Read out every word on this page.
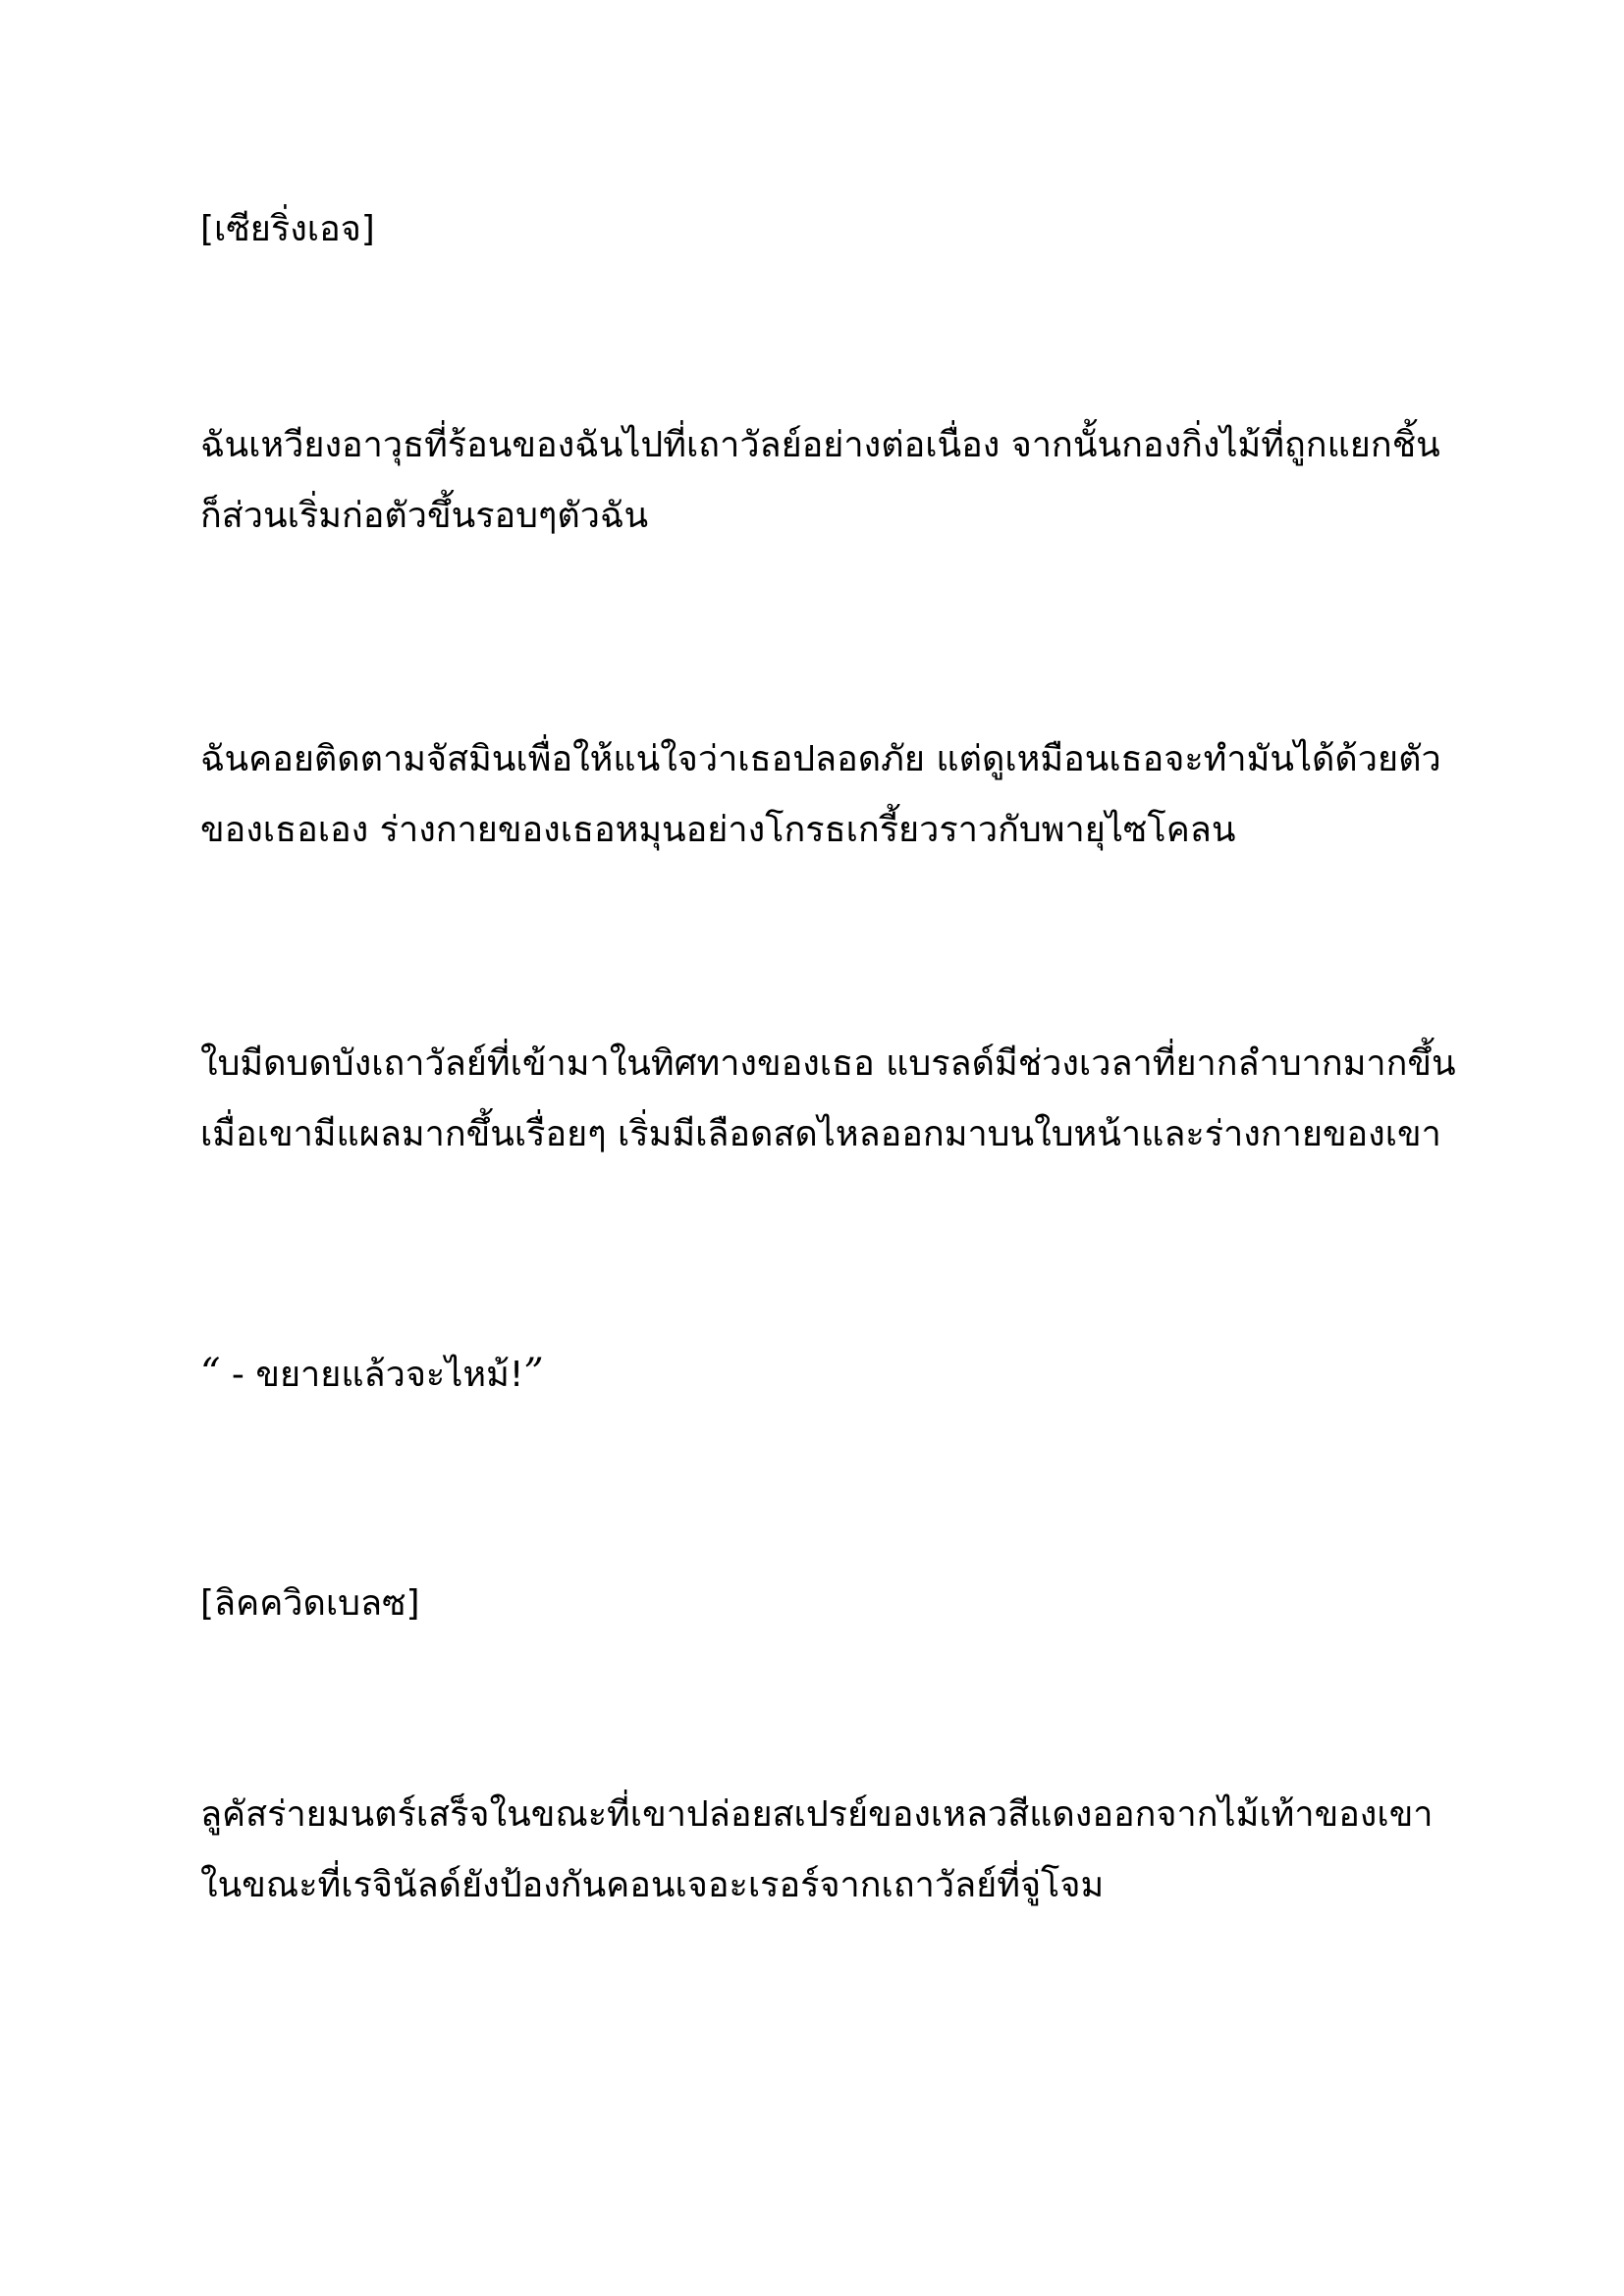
[เซียริ่งเอจ]
ฉันเหวียงอาวุธที่ร้อนของฉันไปที่เถาวัลย์อย่างต่อเนื่อง จากนั้นกองกิ่งไม้ที่ถูกแยกชิ้น
ก็ส่วนเริ่มก่อตัวขึ้นรอบๆตัวฉัน
ฉันคอยติดตามจัสมินเพื่อให้แน่ใจว่าเธอปลอดภัย แต่ดูเหมือนเธอจะทำมันได้ด้วยตัว
ของเธอเอง ร่างกายของเธอหมุนอย่างโกรธเกรี้ยวราวกับพายุไซโคลน
ใบมีดบดบังเถาวัลย์ที่เข้ามาในทิศทางของเธอ แบรลด์มีช่วงเวลาที่ยากลำบากมากขึ้น
เมื่อเขามีแผลมากขึ้นเรื่อยๆ เริ่มมีเลือดสดไหลออกมาบนใบหน้าและร่างกายของเขา
“ - ขยายแล้วจะไหม้!”
[ลิคควิดเบลซ]
ลูคัสร่ายมนตร์เสร็จในขณะที่เขาปล่อยสเปรย์ของเหลวสีแดงออกจากไม้เท้าของเขา
ในขณะที่เรจินัลด์ยังป้องกันคอนเจอะเรอร์จากเถาวัลย์ที่จู่โจม
